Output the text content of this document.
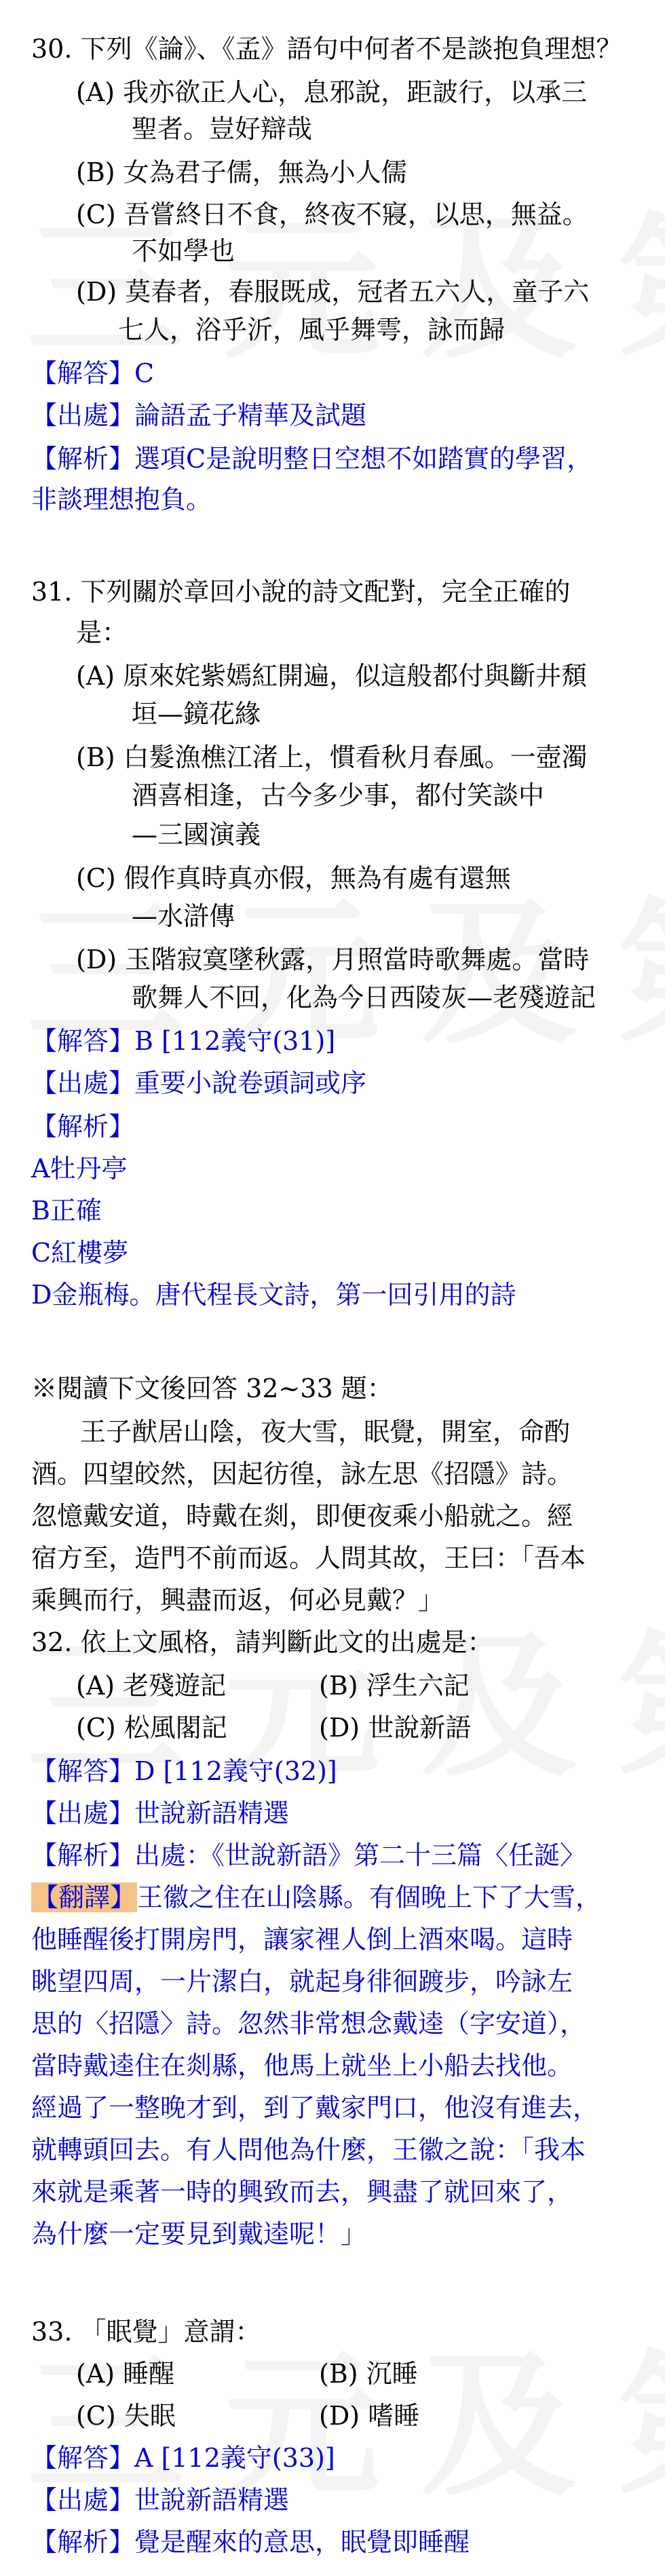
30. 下列《論》、《孟》語句中何者不是談抱負理想？
(A) 我亦欲正人心，息邪說，距詖行，以承三
聖者。豈好辯哉
(B) 女為君子儒，無為小人儒
(C) 吾嘗終日不食，終夜不寢，以思，無益。
不如學也
(D) 莫春者，春服既成，冠者五六人，童子六
七人，浴乎沂，風乎舞雩，詠而歸
【解答】C
【出處】論語孟子精華及試題
【解析】選項C是說明整日空想不如踏實的學習，
非談理想抱負。
31. 下列關於章回小說的詩文配對，完全正確的
是：
(A) 原來姹紫嫣紅開遍，似這般都付與斷井頹
垣—鏡花緣
(B) 白髮漁樵江渚上，慣看秋月春風。一壺濁
酒喜相逢，古今多少事，都付笑談中
—三國演義
(C) 假作真時真亦假，無為有處有還無
—水滸傳
(D) 玉階寂寞墜秋露，月照當時歌舞處。當時
歌舞人不回，化為今日西陵灰—老殘遊記
【解答】B [112義守(31)]
【出處】重要小說卷頭詞或序
【解析】
A牡丹亭
B正確
C紅樓夢
D金瓶梅。唐代程長文詩，第一回引用的詩
※閱讀下文後回答 32~33 題：
王子猷居山陰，夜大雪，眠覺，開室，命酌
酒。四望皎然，因起彷徨，詠左思《招隱》詩。
忽憶戴安道，時戴在剡，即便夜乘小船就之。經
宿方至，造門不前而返。人問其故，王曰：「吾本
乘興而行，興盡而返，何必見戴？」
32. 依上文風格，請判斷此文的出處是：
(A) 老殘遊記	(B) 浮生六記
(C) 松風閣記	(D) 世說新語
【解答】D [112義守(32)]
【出處】世說新語精選
【解析】出處：《世說新語》第二十三篇〈任誕〉
【翻譯】王徽之住在山陰縣。有個晚上下了大雪，
他睡醒後打開房門，讓家裡人倒上酒來喝。這時
眺望四周，一片潔白，就起身徘徊踱步，吟詠左
思的〈招隱〉詩。忽然非常想念戴逵（字安道），
當時戴逵住在剡縣，他馬上就坐上小船去找他。
經過了一整晚才到，到了戴家門口，他沒有進去，
就轉頭回去。有人問他為什麼，王徽之說：「我本
來就是乘著一時的興致而去，興盡了就回來了，
為什麼一定要見到戴逵呢！」
33. 「眠覺」意謂：
(A) 睡醒	(B) 沉睡
(C) 失眠	(D) 嗜睡
【解答】A [112義守(33)]
【出處】世說新語精選
【解析】覺是醒來的意思，眠覺即睡醒
